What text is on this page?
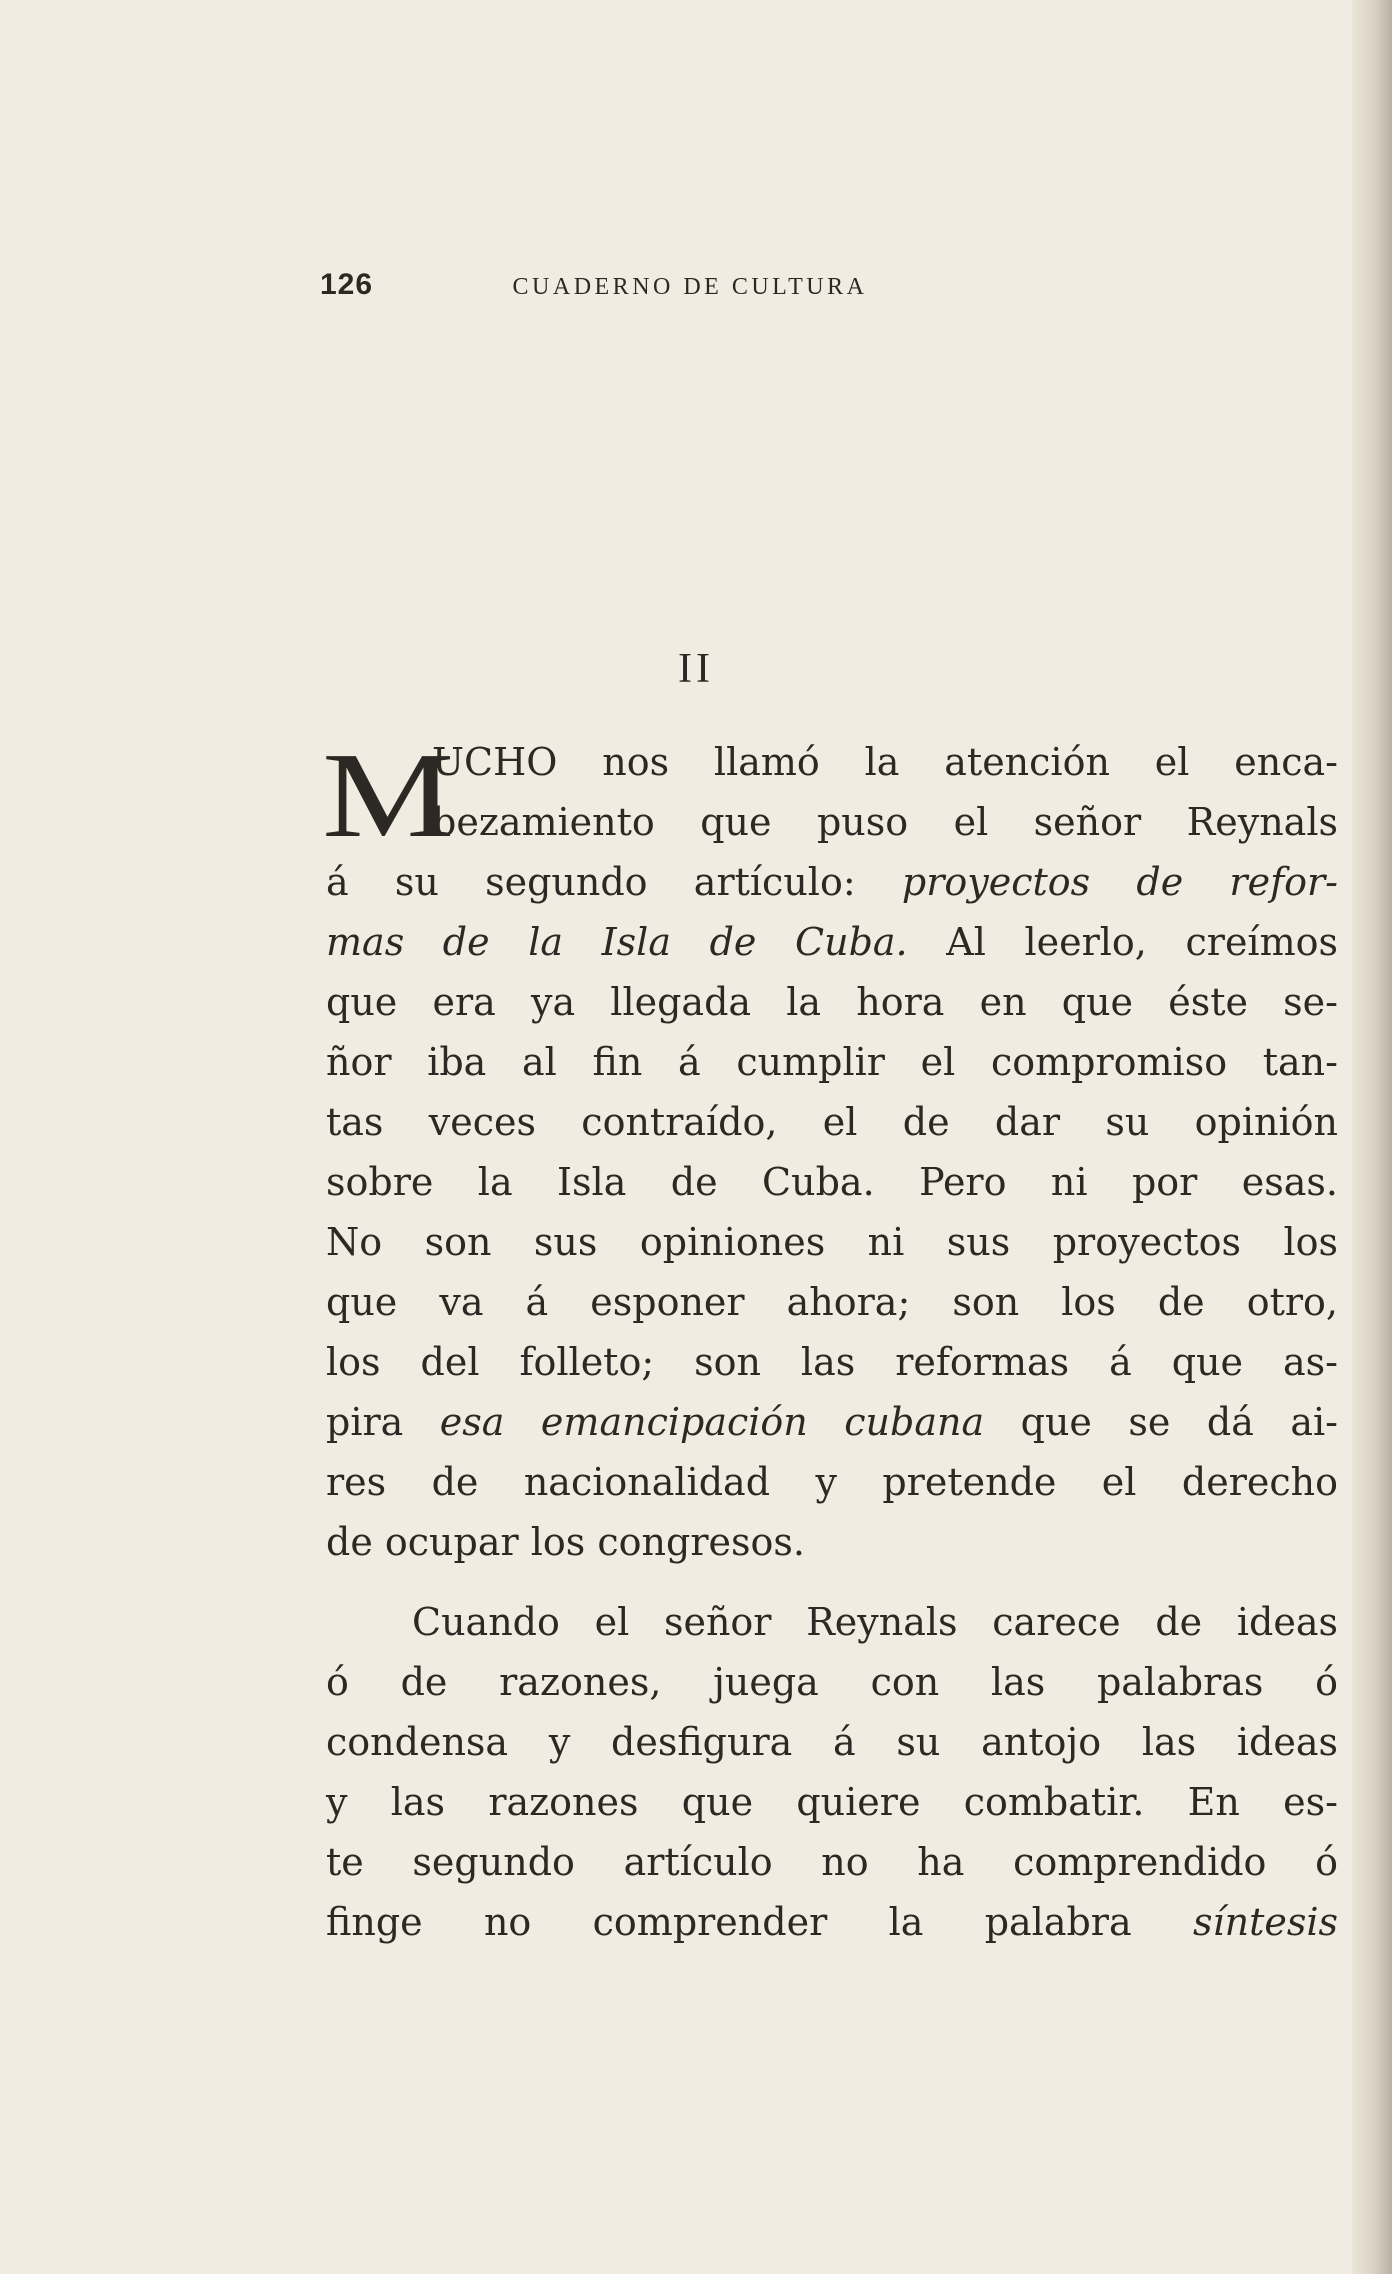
126	CUADERNO DE CULTURA
II
M
UCHO nos llamó la atención el enca-
bezamiento que puso el señor Reynals
á su segundo artículo: proyectos de refor-
mas de la Isla de Cuba. Al leerlo, creímos
que era ya llegada la hora en que éste se-
ñor iba al fin á cumplir el compromiso tan-
tas veces contraído, el de dar su opinión
sobre la Isla de Cuba. Pero ni por esas.
No son sus opiniones ni sus proyectos los
que va á esponer ahora; son los de otro,
los del folleto; son las reformas á que as-
pira esa emancipación cubana que se dá ai-
res de nacionalidad y pretende el derecho
de ocupar los congresos.
Cuando el señor Reynals carece de ideas
ó de razones, juega con las palabras ó
condensa y desfigura á su antojo las ideas
y las razones que quiere combatir. En es-
te segundo artículo no ha comprendido ó
finge no comprender la palabra síntesis
